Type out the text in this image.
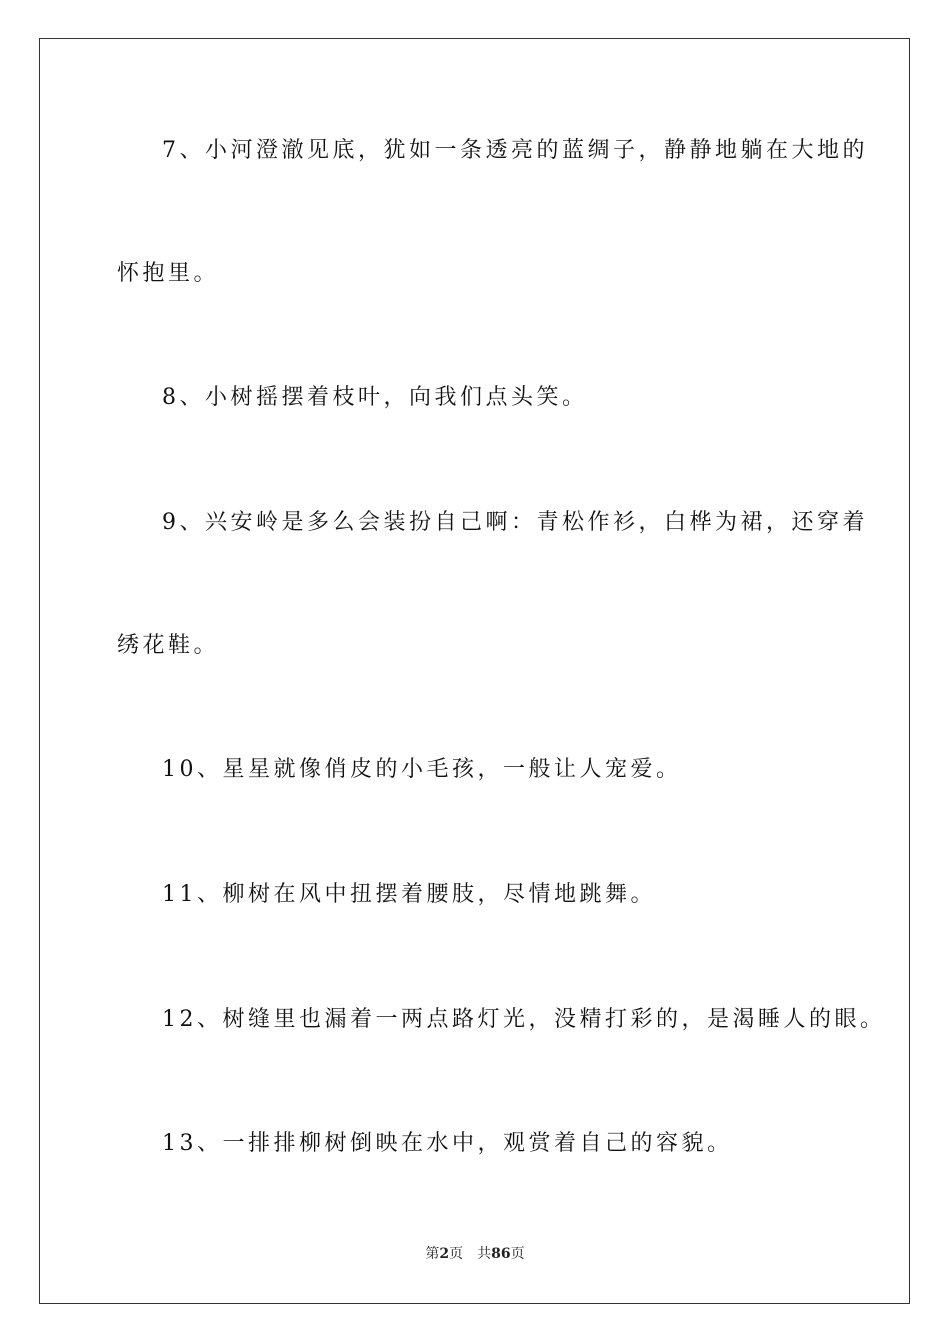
7、小河澄澈见底，犹如一条透亮的蓝绸子，静静地躺在大地的
怀抱里。
8、小树摇摆着枝叶，向我们点头笑。
9、兴安岭是多么会装扮自己啊：青松作衫，白桦为裙，还穿着
绣花鞋。
10、星星就像俏皮的小毛孩，一般让人宠爱。
11、柳树在风中扭摆着腰肢，尽情地跳舞。
12、树缝里也漏着一两点路灯光，没精打彩的，是渴睡人的眼。
13、一排排柳树倒映在水中，观赏着自己的容貌。
第2页 共86页
